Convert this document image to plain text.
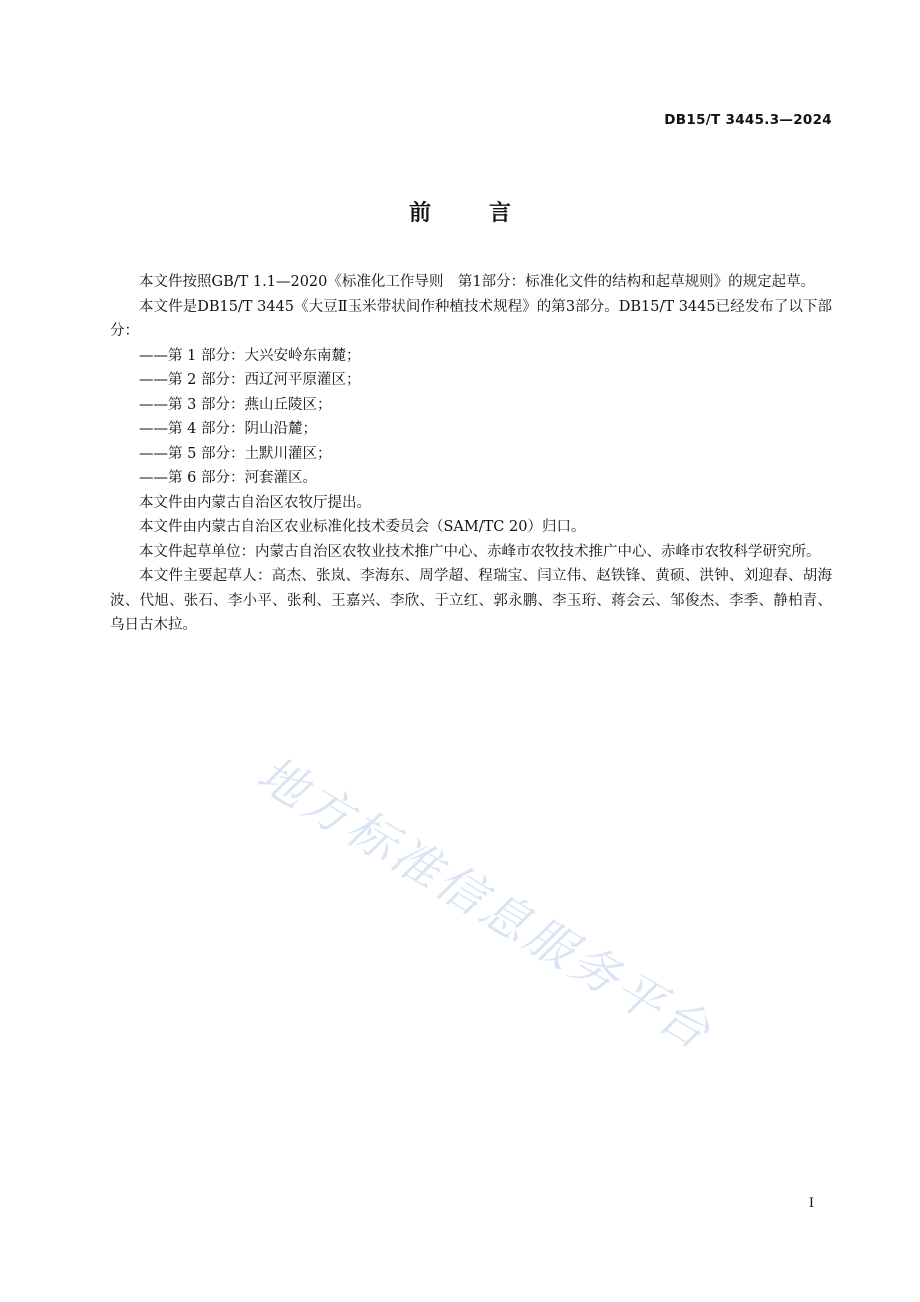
DB15/T 3445.3—2024
前	言

本文件按照GB/T 1.1—2020《标准化工作导则　第1部分：标准化文件的结构和起草规则》的规定起草。

本文件是DB15/T 3445《大豆Ⅱ玉米带状间作种植技术规程》的第3部分。DB15/T 3445已经发布了以下部分：

——第 1 部分：大兴安岭东南麓；

——第 2 部分：西辽河平原灌区；

——第 3 部分：燕山丘陵区；

——第 4 部分：阴山沿麓；

——第 5 部分：土默川灌区；

——第 6 部分：河套灌区。

本文件由内蒙古自治区农牧厅提出。

本文件由内蒙古自治区农业标准化技术委员会（SAM/TC 20）归口。

本文件起草单位：内蒙古自治区农牧业技术推广中心、赤峰市农牧技术推广中心、赤峰市农牧科学研究所。

本文件主要起草人：高杰、张岚、李海东、周学超、程瑞宝、闫立伟、赵铁锋、黄硕、洪钟、刘迎春、胡海波、代旭、张石、李小平、张利、王嘉兴、李欣、于立红、郭永鹏、李玉珩、蒋会云、邹俊杰、李季、静柏青、乌日古木拉。

地方标准信息服务平台
I
